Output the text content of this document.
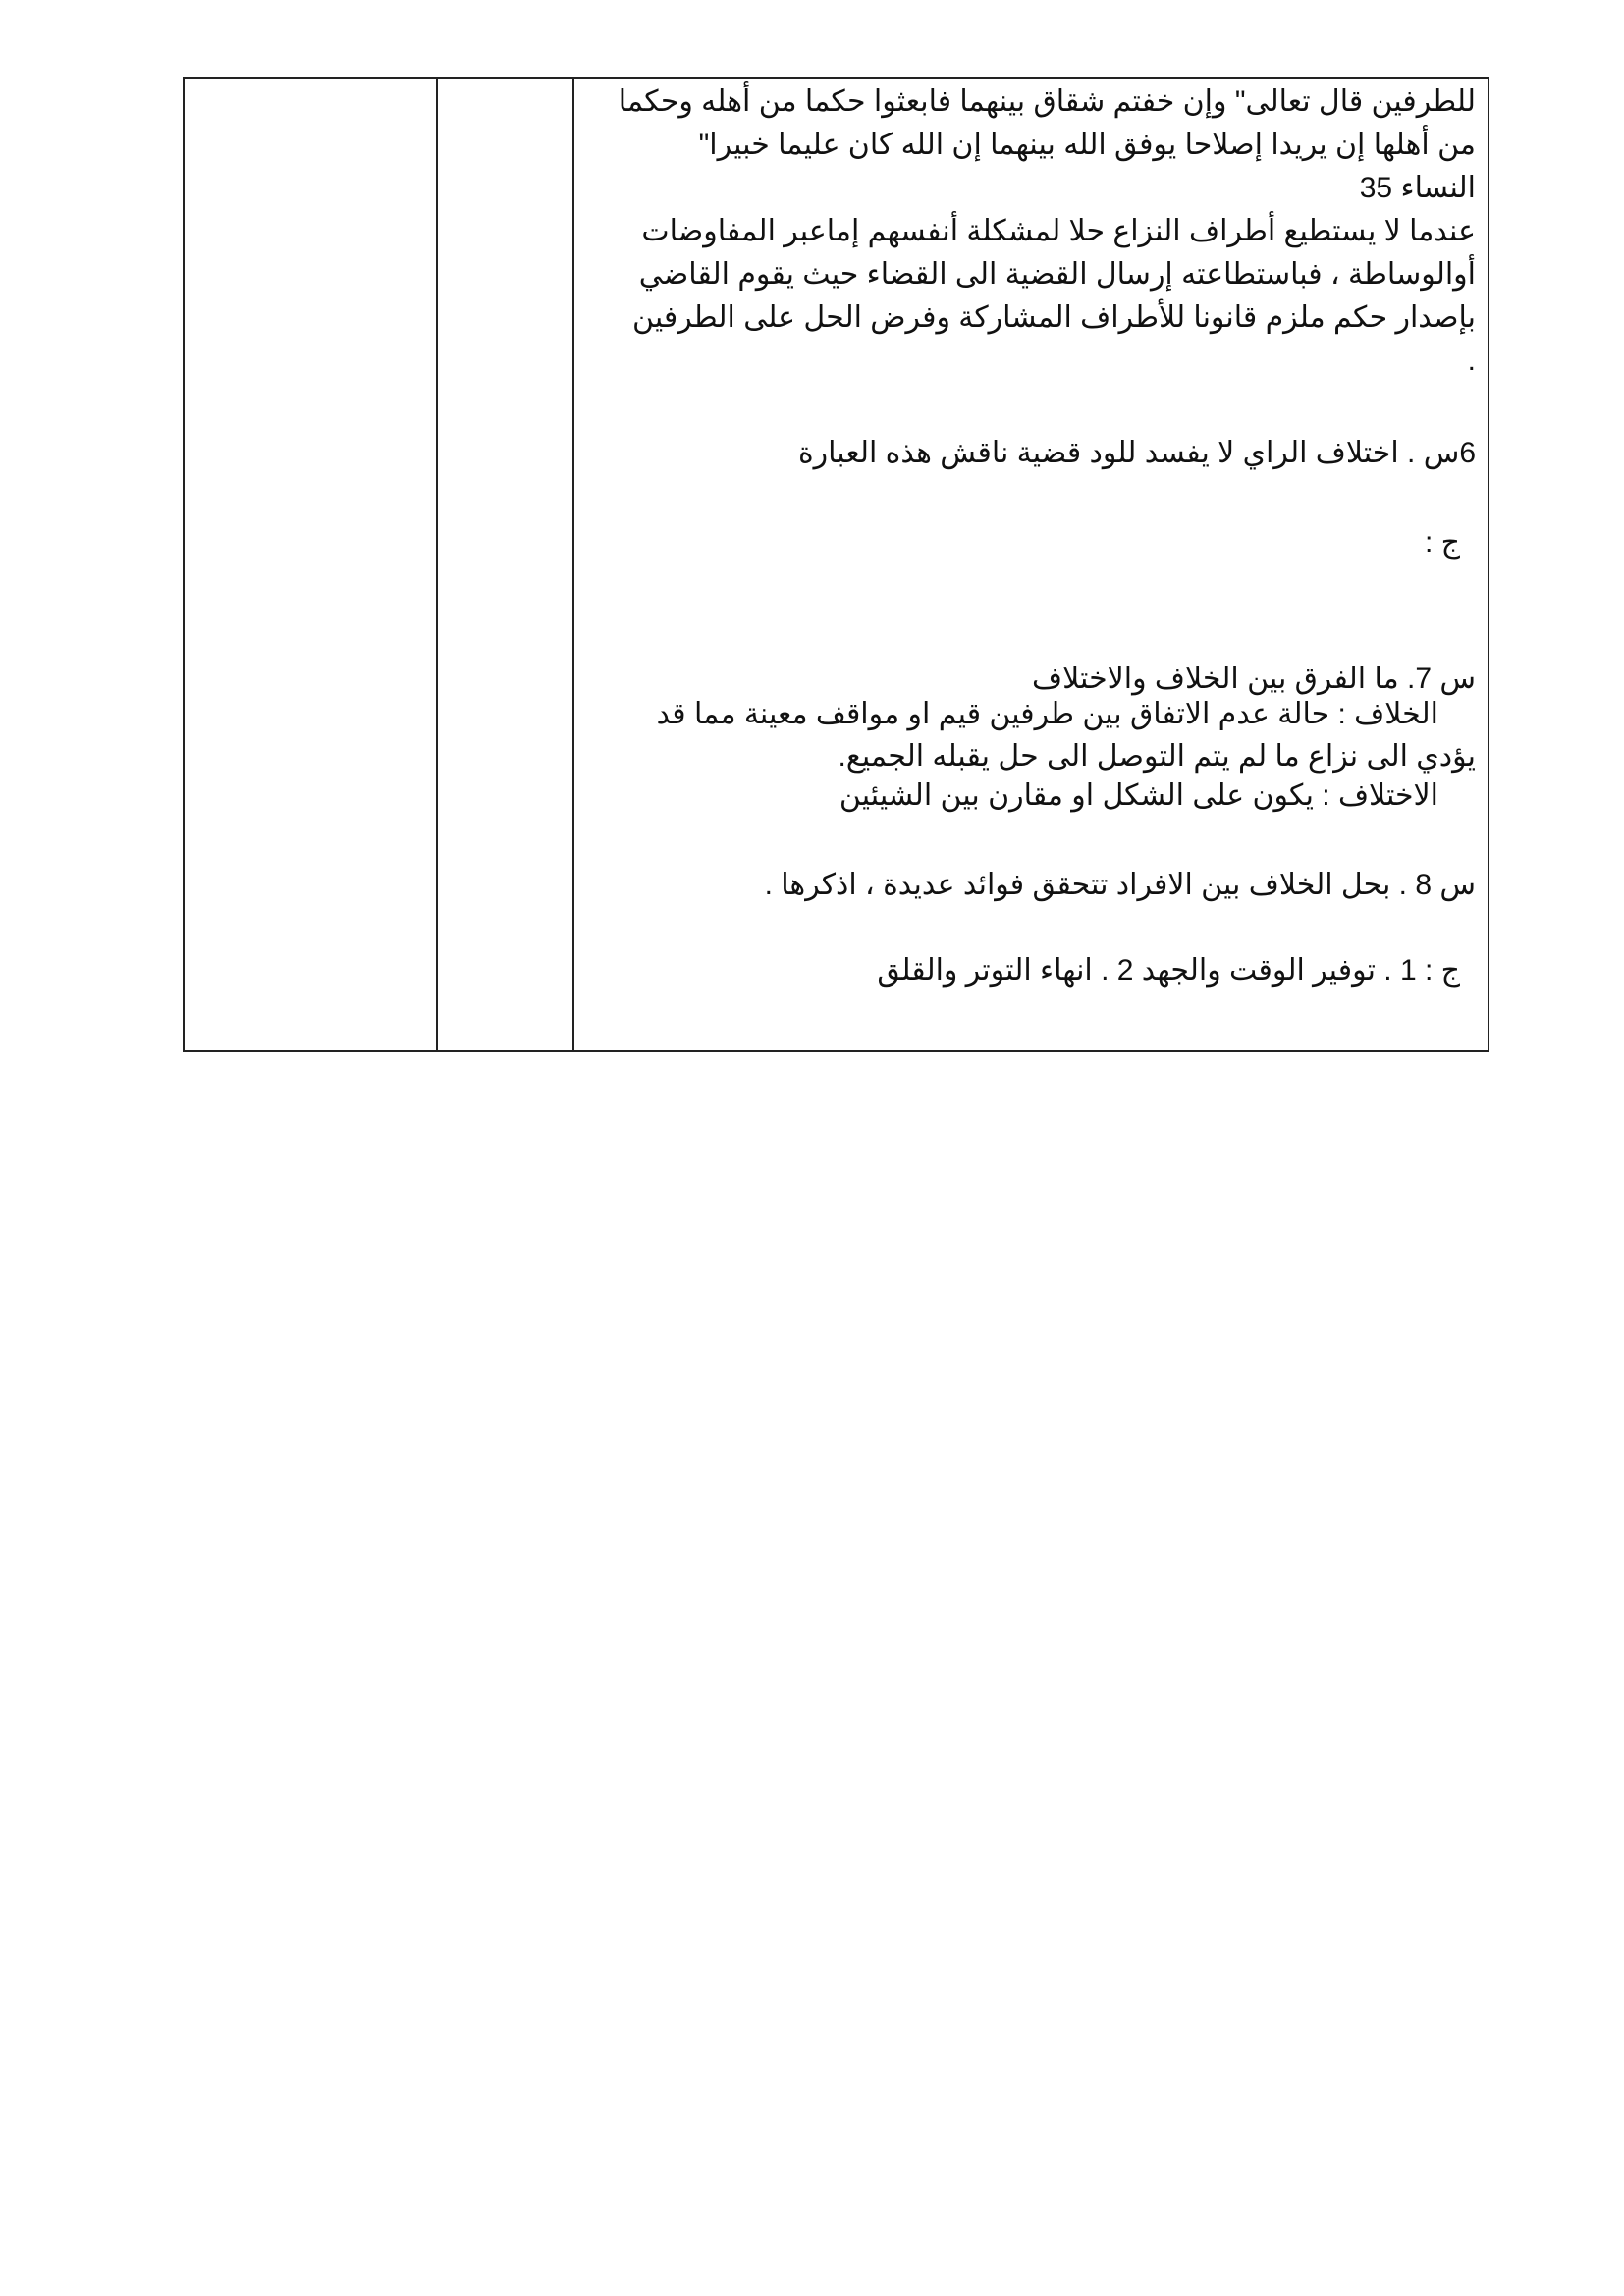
للطرفين قال تعالى" وإن خفتم شقاق بينهما فابعثوا حكما من أهله وحكما
من أهلها إن يريدا إصلاحا يوفق الله بينهما إن الله كان عليما خبيرا"
النساء 35
عندما لا يستطيع أطراف النزاع حلا لمشكلة أنفسهم إماعبر المفاوضات
أوالوساطة ، فباستطاعته إرسال القضية الى القضاء حيث يقوم القاضي
بإصدار حكم ملزم قانونا للأطراف المشاركة وفرض الحل على الطرفين
.
6س . اختلاف الراي لا يفسد للود قضية ناقش هذه العبارة
ج :
س 7. ما الفرق بين الخلاف والاختلاف
الخلاف : حالة عدم الاتفاق بين طرفين قيم او مواقف معينة مما قد
يؤدي الى نزاع ما لم يتم التوصل الى حل يقبله الجميع.
الاختلاف : يكون على الشكل او مقارن بين الشيئين
س 8 . بحل الخلاف بين الافراد تتحقق فوائد عديدة ، اذكرها .
ج : 1 . توفير الوقت والجهد 2 . انهاء التوتر والقلق
